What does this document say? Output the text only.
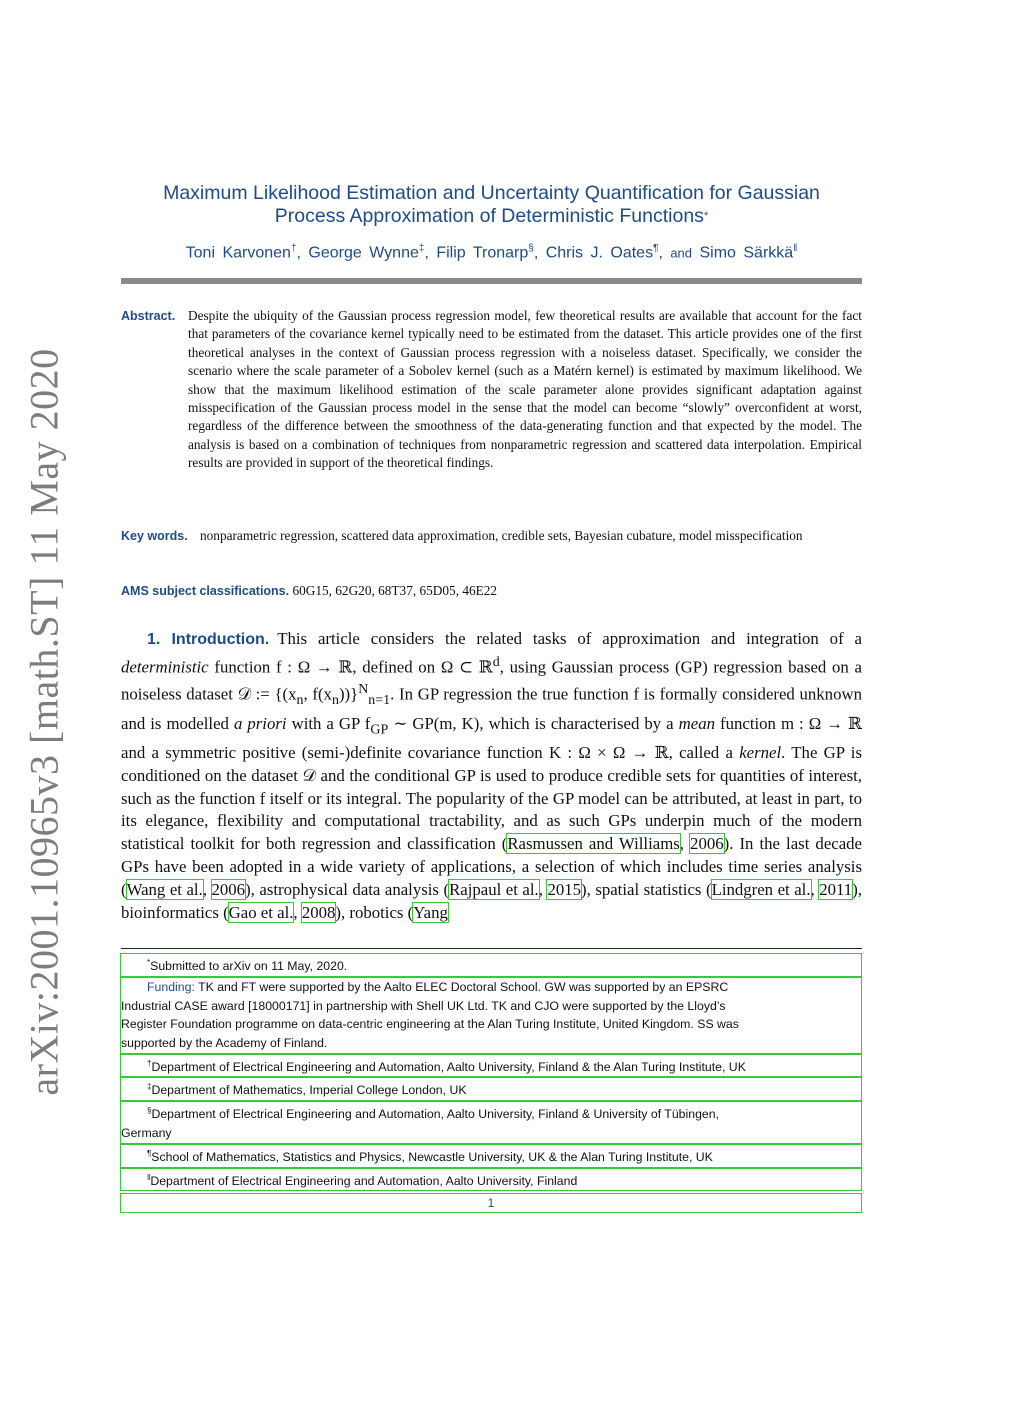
arXiv:2001.10965v3 [math.ST] 11 May 2020
Maximum Likelihood Estimation and Uncertainty Quantification for Gaussian
Process Approximation of Deterministic Functions*
Toni Karvonen†, George Wynne‡, Filip Tronarp§, Chris J. Oates¶, and Simo Särkkä‖
Abstract. Despite the ubiquity of the Gaussian process regression model, few theoretical results are available that account for the fact that parameters of the covariance kernel typically need to be estimated from the dataset. This article provides one of the first theoretical analyses in the context of Gaussian process regression with a noiseless dataset. Specifically, we consider the scenario where the scale parameter of a Sobolev kernel (such as a Matérn kernel) is estimated by maximum likelihood. We show that the maximum likelihood estimation of the scale parameter alone provides significant adaptation against misspecification of the Gaussian process model in the sense that the model can become “slowly” overconfident at worst, regardless of the difference between the smoothness of the data-generating function and that expected by the model. The analysis is based on a combination of techniques from nonparametric regression and scattered data interpolation. Empirical results are provided in support of the theoretical findings.
Key words. nonparametric regression, scattered data approximation, credible sets, Bayesian cubature, model misspecification
AMS subject classifications. 60G15, 62G20, 68T37, 65D05, 46E22
1. Introduction. This article considers the related tasks of approximation and integration of a deterministic function f : Ω → ℝ, defined on Ω ⊂ ℝ$^d$, using Gaussian process (GP) regression based on a noiseless dataset 𝒟 := {($x_n$, $f(x_n))\}^N_{n=1}$. In GP regression the true function f is formally considered unknown and is modelled a priori with a GP $f_{GP}$ ∼ GP(m, K), which is characterised by a mean function m : Ω → ℝ and a symmetric positive (semi-)definite covariance function K : Ω × Ω → ℝ, called a kernel. The GP is conditioned on the dataset 𝒟 and the conditional GP is used to produce credible sets for quantities of interest, such as the function f itself or its integral. The popularity of the GP model can be attributed, at least in part, to its elegance, flexibility and computational tractability, and as such GPs underpin much of the modern statistical toolkit for both regression and classification (Rasmussen and Williams, 2006). In the last decade GPs have been adopted in a wide variety of applications, a selection of which includes time series analysis (Wang et al., 2006), astrophysical data analysis (Rajpaul et al., 2015), spatial statistics (Lindgren et al., 2011), bioinformatics (Gao et al., 2008), robotics (Yang
*Submitted to arXiv on 11 May, 2020.
Funding: TK and FT were supported by the Aalto ELEC Doctoral School. GW was supported by an EPSRC
Industrial CASE award [18000171] in partnership with Shell UK Ltd. TK and CJO were supported by the Lloyd’s
Register Foundation programme on data-centric engineering at the Alan Turing Institute, United Kingdom. SS was
supported by the Academy of Finland.
†Department of Electrical Engineering and Automation, Aalto University, Finland & the Alan Turing Institute, UK
‡Department of Mathematics, Imperial College London, UK
§Department of Electrical Engineering and Automation, Aalto University, Finland & University of Tübingen,
Germany
¶School of Mathematics, Statistics and Physics, Newcastle University, UK & the Alan Turing Institute, UK
‖Department of Electrical Engineering and Automation, Aalto University, Finland
1
